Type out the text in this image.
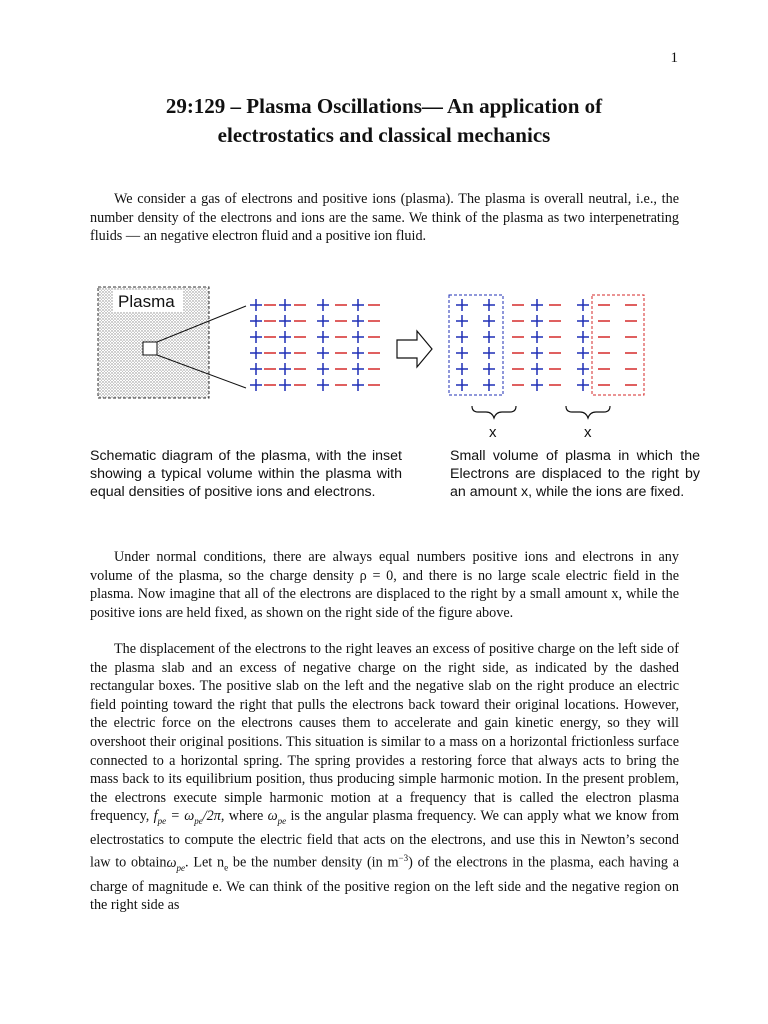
1
29:129 – Plasma Oscillations— An application of
electrostatics and classical mechanics

We consider a gas of electrons and positive ions (plasma). The plasma is overall neutral, i.e., the number density of the electrons and ions are the same. We think of the plasma as two interpenetrating fluids — an negative electron fluid and a positive ion fluid.

Plasma
x	x

Schematic diagram of the plasma, with the inset showing a typical volume within the plasma with equal densities of positive ions and electrons.

Small volume of plasma in which the Electrons are displaced to the right by an amount x, while the ions are fixed.

Under normal conditions, there are always equal numbers positive ions and electrons in any volume of the plasma, so the charge density ρ = 0, and there is no large scale electric field in the plasma. Now imagine that all of the electrons are displaced to the right by a small amount x, while the positive ions are held fixed, as shown on the right side of the figure above.

The displacement of the electrons to the right leaves an excess of positive charge on the left side of the plasma slab and an excess of negative charge on the right side, as indicated by the dashed rectangular boxes. The positive slab on the left and the negative slab on the right produce an electric field pointing toward the right that pulls the electrons back toward their original locations. However, the electric force on the electrons causes them to accelerate and gain kinetic energy, so they will overshoot their original positions. This situation is similar to a mass on a horizontal frictionless surface connected to a horizontal spring. The spring provides a restoring force that always acts to bring the mass back to its equilibrium position, thus producing simple harmonic motion. In the present problem, the electrons execute simple harmonic motion at a frequency that is called the electron plasma frequency, $f_{pe} = \omega_{pe}/2\pi$, where $\omega_{pe}$ is the angular plasma frequency. We can apply what we know from electrostatics to compute the electric field that acts on the electrons, and use this in Newton’s second law to obtainω$_{pe}$. Let $n_e$ be the number density (in $m^{-3}$) of the electrons in the plasma, each having a charge of magnitude e. We can think of the positive region on the left side and the negative region on the right side as
